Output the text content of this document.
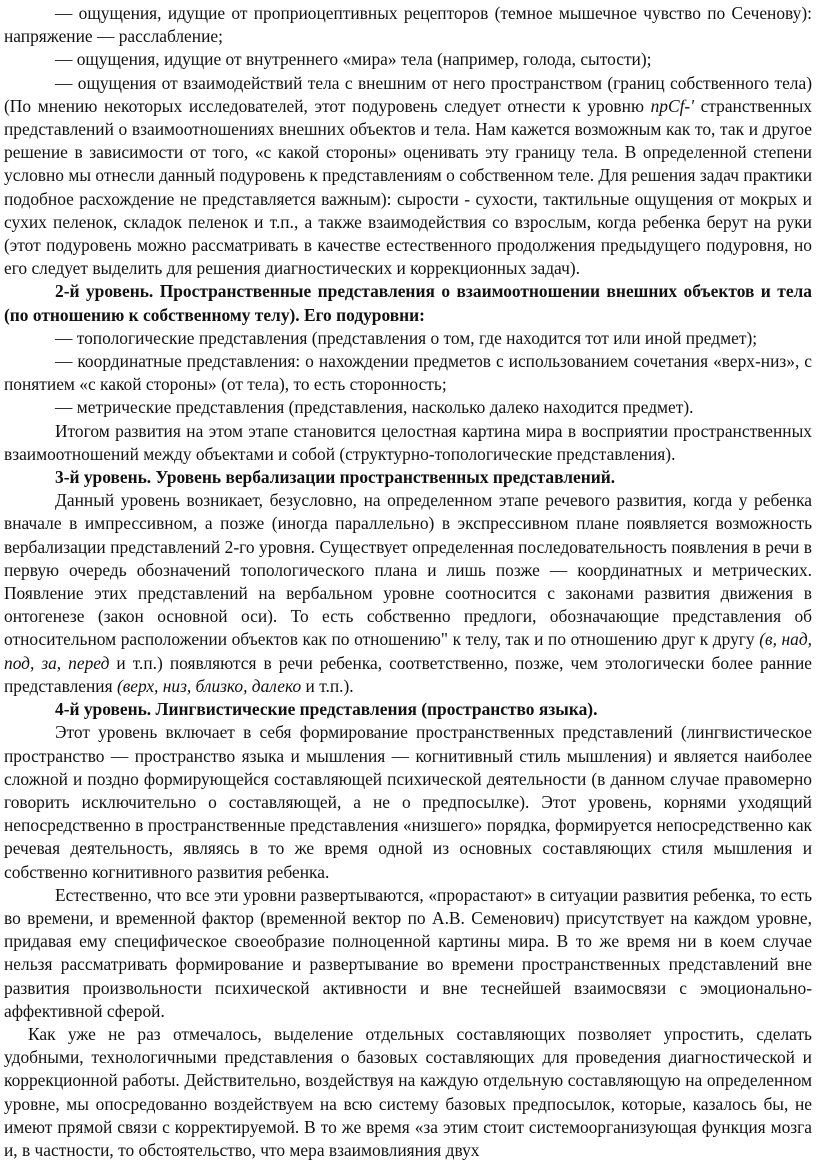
— ощущения, идущие от проприоцептивных рецепторов (темное мышечное чувство по Сеченову): напряжение — расслабление;

— ощущения, идущие от внутреннего «мира» тела (например, голода, сытости);

— ощущения от взаимодействий тела с внешним от него пространством (границ собственного тела) (По мнению некоторых исследователей, этот подуровень следует отнести к уровню npCf-' странственных представлений о взаимоотношениях внешних объектов и тела. Нам кажется возможным как то, так и другое решение в зависимости от того, «с какой стороны» оценивать эту границу тела. В определенной степени условно мы отнесли данный подуровень к представлениям о собственном теле. Для решения задач практики подобное расхождение не представляется важным): сырости - сухости, тактильные ощущения от мокрых и сухих пеленок, складок пеленок и т.п., а также взаимодействия со взрослым, когда ребенка берут на руки (этот подуровень можно рассматривать в качестве естественного продолжения предыдущего подуровня, но его следует выделить для решения диагностических и коррекционных задач).

2-й уровень. Пространственные представления о взаимоотношении внешних объектов и тела (по отношению к собственному телу). Его подуровни:

— топологические представления (представления о том, где находится тот или иной предмет);

— координатные представления: о нахождении предметов с использованием сочетания «верх-низ», с понятием «с какой стороны» (от тела), то есть сторонность;

— метрические представления (представления, насколько далеко находится предмет).

Итогом развития на этом этапе становится целостная картина мира в восприятии пространственных взаимоотношений между объектами и собой (структурно-топологические представления).

3-й уровень. Уровень вербализации пространственных представлений.

Данный уровень возникает, безусловно, на определенном этапе речевого развития, когда у ребенка вначале в импрессивном, а позже (иногда параллельно) в экспрессивном плане появляется возможность вербализации представлений 2-го уровня. Существует определенная последовательность появления в речи в первую очередь обозначений топологического плана и лишь позже — координатных и метрических. Появление этих представлений на вербальном уровне соотносится с законами развития движения в онтогенезе (закон основной оси). То есть собственно предлоги, обозначающие представления об относительном расположении объектов как по отношению" к телу, так и по отношению друг к другу (в, над, под, за, перед и т.п.) появляются в речи ребенка, соответственно, позже, чем этологически более ранние представления (верх, низ, близко, далеко и т.п.).

4-й уровень. Лингвистические представления (пространство языка).

Этот уровень включает в себя формирование пространственных представлений (лингвистическое пространство — пространство языка и мышления — когнитивный стиль мышления) и является наиболее сложной и поздно формирующейся составляющей психической деятельности (в данном случае правомерно говорить исключительно о составляющей, а не о предпосылке). Этот уровень, корнями уходящий непосредственно в пространственные представления «низшего» порядка, формируется непосредственно как речевая деятельность, являясь в то же время одной из основных составляющих стиля мышления и собственно когнитивного развития ребенка.

Естественно, что все эти уровни развертываются, «прорастают» в ситуации развития ребенка, то есть во времени, и временной фактор (временной вектор по А.В. Семенович) присутствует на каждом уровне, придавая ему специфическое своеобразие полноценной картины мира. В то же время ни в коем случае нельзя рассматривать формирование и развертывание во времени пространственных представлений вне развития произвольности психической активности и вне теснейшей взаимосвязи с эмоционально-аффективной сферой.

Как уже не раз отмечалось, выделение отдельных составляющих позволяет упростить, сделать удобными, технологичными представления о базовых составляющих для проведения диагностической и коррекционной работы. Действительно, воздействуя на каждую отдельную составляющую на определенном уровне, мы опосредованно воздействуем на всю систему базовых предпосылок, которые, казалось бы, не имеют прямой связи с корректируемой. В то же время «за этим стоит системоорганизующая функция мозга и, в частности, то обстоятельство, что мера взаимовлияния двух
